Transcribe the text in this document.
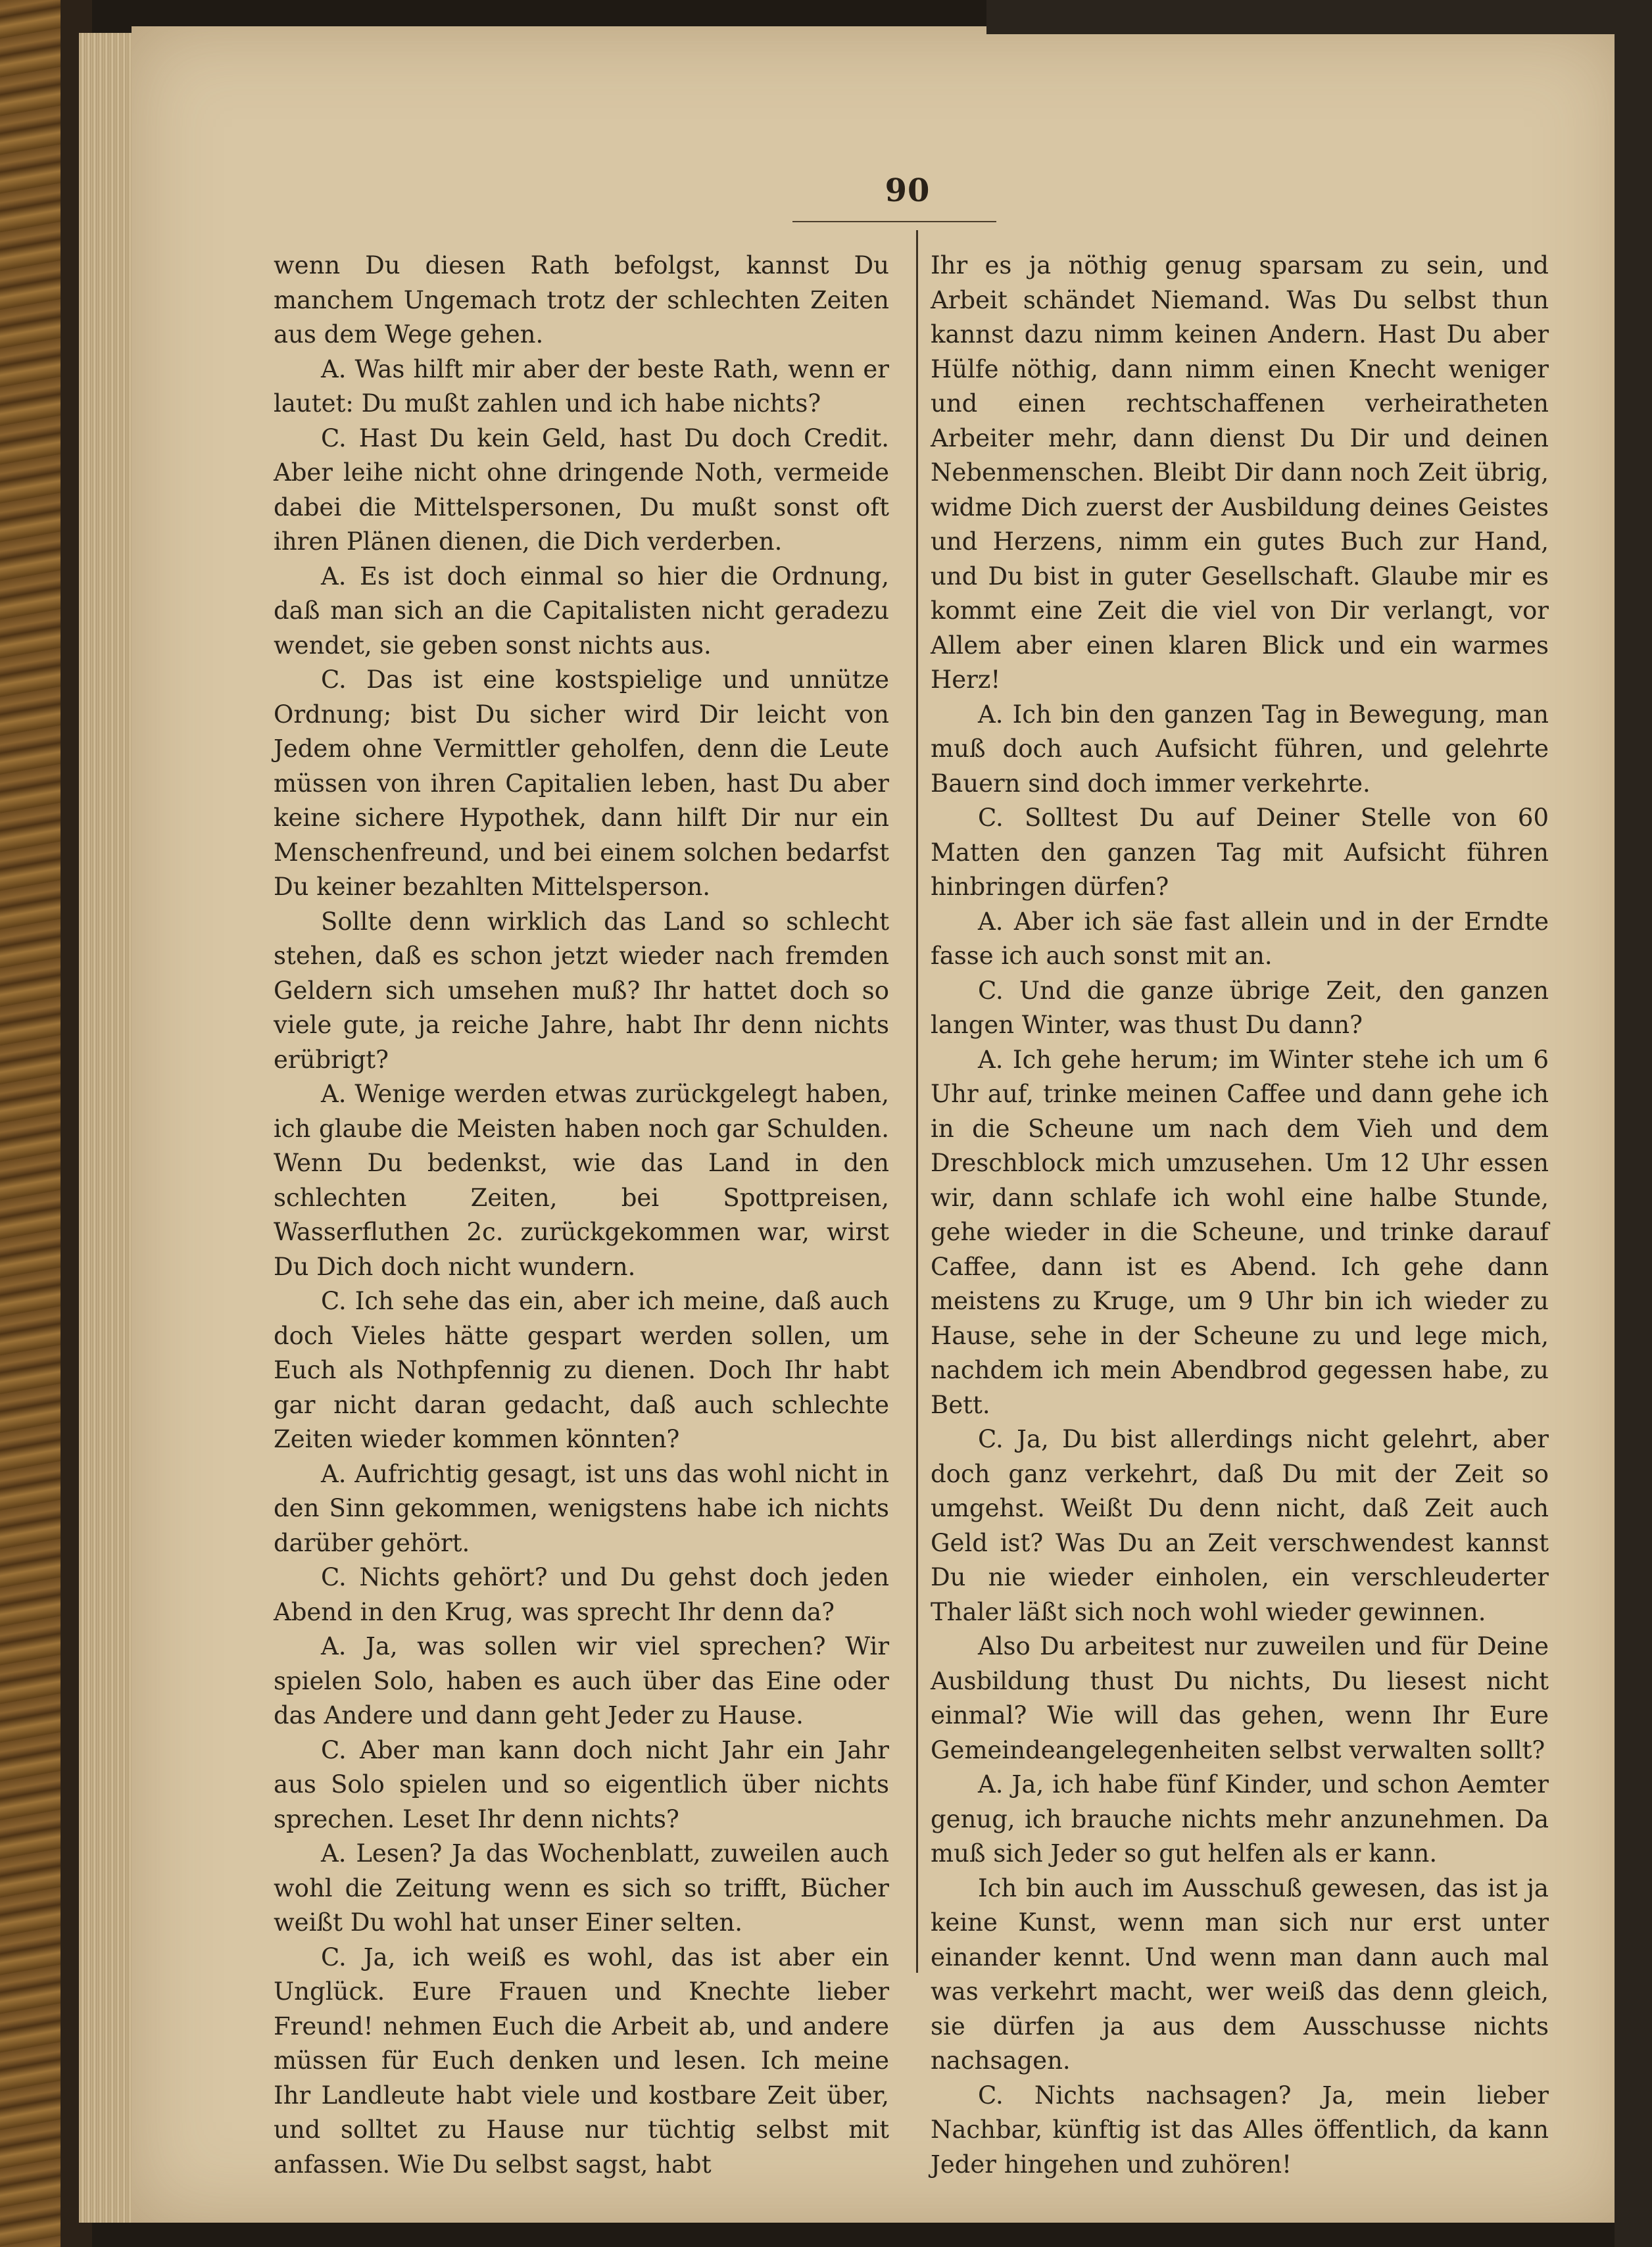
90

wenn Du diesen Rath befolgst, kannst Du manchem Ungemach trotz der schlechten Zeiten aus dem Wege gehen.

A. Was hilft mir aber der beste Rath, wenn er lautet: Du mußt zahlen und ich habe nichts?

C. Hast Du kein Geld, hast Du doch Credit. Aber leihe nicht ohne dringende Noth, vermeide dabei die Mittelspersonen, Du mußt sonst oft ihren Plänen dienen, die Dich verderben.

A. Es ist doch einmal so hier die Ordnung, daß man sich an die Capitalisten nicht geradezu wendet, sie geben sonst nichts aus.

C. Das ist eine kostspielige und unnütze Ordnung; bist Du sicher wird Dir leicht von Jedem ohne Vermittler geholfen, denn die Leute müssen von ihren Capitalien leben, hast Du aber keine sichere Hypothek, dann hilft Dir nur ein Menschenfreund, und bei einem solchen bedarfst Du keiner bezahlten Mittelsperson.

Sollte denn wirklich das Land so schlecht stehen, daß es schon jetzt wieder nach fremden Geldern sich umsehen muß? Ihr hattet doch so viele gute, ja reiche Jahre, habt Ihr denn nichts erübrigt?

A. Wenige werden etwas zurückgelegt haben, ich glaube die Meisten haben noch gar Schulden. Wenn Du bedenkst, wie das Land in den schlechten Zeiten, bei Spottpreisen, Wasserfluthen 2c. zurückgekommen war, wirst Du Dich doch nicht wundern.

C. Ich sehe das ein, aber ich meine, daß auch doch Vieles hätte gespart werden sollen, um Euch als Nothpfennig zu dienen. Doch Ihr habt gar nicht daran gedacht, daß auch schlechte Zeiten wieder kommen könnten?

A. Aufrichtig gesagt, ist uns das wohl nicht in den Sinn gekommen, wenigstens habe ich nichts darüber gehört.

C. Nichts gehört? und Du gehst doch jeden Abend in den Krug, was sprecht Ihr denn da?

A. Ja, was sollen wir viel sprechen? Wir spielen Solo, haben es auch über das Eine oder das Andere und dann geht Jeder zu Hause.

C. Aber man kann doch nicht Jahr ein Jahr aus Solo spielen und so eigentlich über nichts sprechen. Leset Ihr denn nichts?

A. Lesen? Ja das Wochenblatt, zuweilen auch wohl die Zeitung wenn es sich so trifft, Bücher weißt Du wohl hat unser Einer selten.

C. Ja, ich weiß es wohl, das ist aber ein Unglück. Eure Frauen und Knechte lieber Freund! nehmen Euch die Arbeit ab, und andere müssen für Euch denken und lesen. Ich meine Ihr Landleute habt viele und kostbare Zeit über, und solltet zu Hause nur tüchtig selbst mit anfassen. Wie Du selbst sagst, habt

Ihr es ja nöthig genug sparsam zu sein, und Arbeit schändet Niemand. Was Du selbst thun kannst dazu nimm keinen Andern. Hast Du aber Hülfe nöthig, dann nimm einen Knecht weniger und einen rechtschaffenen verheiratheten Arbeiter mehr, dann dienst Du Dir und deinen Nebenmenschen. Bleibt Dir dann noch Zeit übrig, widme Dich zuerst der Ausbildung deines Geistes und Herzens, nimm ein gutes Buch zur Hand, und Du bist in guter Gesellschaft. Glaube mir es kommt eine Zeit die viel von Dir verlangt, vor Allem aber einen klaren Blick und ein warmes Herz!

A. Ich bin den ganzen Tag in Bewegung, man muß doch auch Aufsicht führen, und gelehrte Bauern sind doch immer verkehrte.

C. Solltest Du auf Deiner Stelle von 60 Matten den ganzen Tag mit Aufsicht führen hinbringen dürfen?

A. Aber ich säe fast allein und in der Erndte fasse ich auch sonst mit an.

C. Und die ganze übrige Zeit, den ganzen langen Winter, was thust Du dann?

A. Ich gehe herum; im Winter stehe ich um 6 Uhr auf, trinke meinen Caffee und dann gehe ich in die Scheune um nach dem Vieh und dem Dreschblock mich umzusehen. Um 12 Uhr essen wir, dann schlafe ich wohl eine halbe Stunde, gehe wieder in die Scheune, und trinke darauf Caffee, dann ist es Abend. Ich gehe dann meistens zu Kruge, um 9 Uhr bin ich wieder zu Hause, sehe in der Scheune zu und lege mich, nachdem ich mein Abendbrod gegessen habe, zu Bett.

C. Ja, Du bist allerdings nicht gelehrt, aber doch ganz verkehrt, daß Du mit der Zeit so umgehst. Weißt Du denn nicht, daß Zeit auch Geld ist? Was Du an Zeit verschwendest kannst Du nie wieder einholen, ein verschleuderter Thaler läßt sich noch wohl wieder gewinnen.

Also Du arbeitest nur zuweilen und für Deine Ausbildung thust Du nichts, Du liesest nicht einmal? Wie will das gehen, wenn Ihr Eure Gemeindeangelegenheiten selbst verwalten sollt?

A. Ja, ich habe fünf Kinder, und schon Aemter genug, ich brauche nichts mehr anzunehmen. Da muß sich Jeder so gut helfen als er kann.

Ich bin auch im Ausschuß gewesen, das ist ja keine Kunst, wenn man sich nur erst unter einander kennt. Und wenn man dann auch mal was verkehrt macht, wer weiß das denn gleich, sie dürfen ja aus dem Ausschusse nichts nachsagen.

C. Nichts nachsagen? Ja, mein lieber Nachbar, künftig ist das Alles öffentlich, da kann Jeder hingehen und zuhören!
